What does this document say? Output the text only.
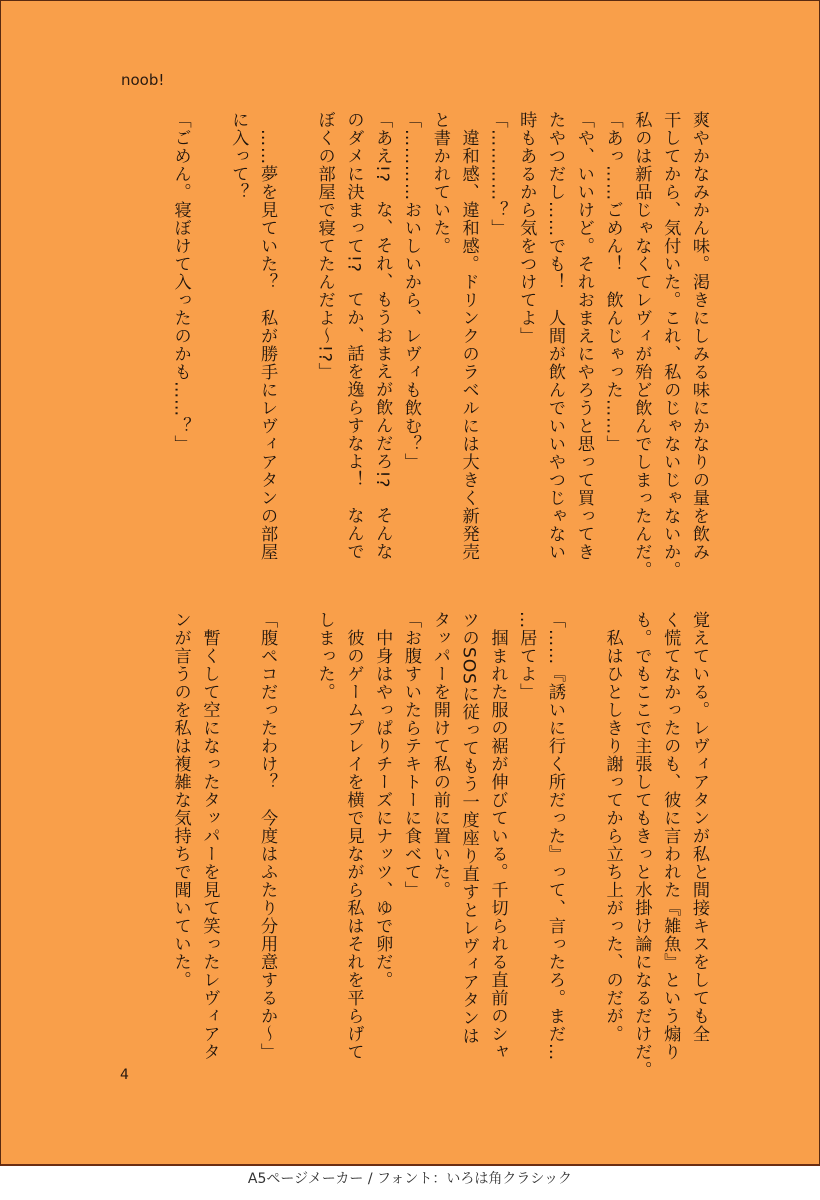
noob!
爽やかなみかん味。渇きにしみる味にかなりの量を飲み
干してから、気付いた。これ、私のじゃないじゃないか。
私のは新品じゃなくてレヴィが殆ど飲んでしまったんだ。
「あっ……ごめん！　飲んじゃった……」
「や、いいけど。それおまえにやろうと思って買ってき
たやつだし……でも！　人間が飲んでいいやつじゃない
時もあるから気をつけてよ」
「…………？」
　違和感、違和感。ドリンクのラベルには大きく新発売
と書かれていた。
「…………おいしいから、レヴィも飲む？」
「あえ!?　な、それ、もうおまえが飲んだろ!?　そんな
のダメに決まって!?　てか、話を逸らすなよ！　なんで
ぼくの部屋で寝てたんだよ～!?」

　……夢を見ていた？　私が勝手にレヴィアタンの部屋
に入って？

「ごめん。寝ぼけて入ったのかも……？」
覚えている。レヴィアタンが私と間接キスをしても全
く慌てなかったのも、彼に言われた『雑魚』という煽り
も。でもここで主張してもきっと水掛け論になるだけだ。
　私はひとしきり謝ってから立ち上がった、のだが。

「……『誘いに行く所だった』って、言ったろ。まだ…
…居てよ」
　掴まれた服の裾が伸びている。千切られる直前のシャ
ツのSOSに従ってもう一度座り直すとレヴィアタンは
タッパーを開けて私の前に置いた。
「お腹すいたらテキトーに食べて」
　中身はやっぱりチーズにナッツ、ゆで卵だ。
　彼のゲームプレイを横で見ながら私はそれを平らげて
しまった。

「腹ペコだったわけ？　今度はふたり分用意するか～」

　暫くして空になったタッパーを見て笑ったレヴィアタ
ンが言うのを私は複雑な気持ちで聞いていた。
4
A5ページメーカー / フォント：いろは角クラシック
